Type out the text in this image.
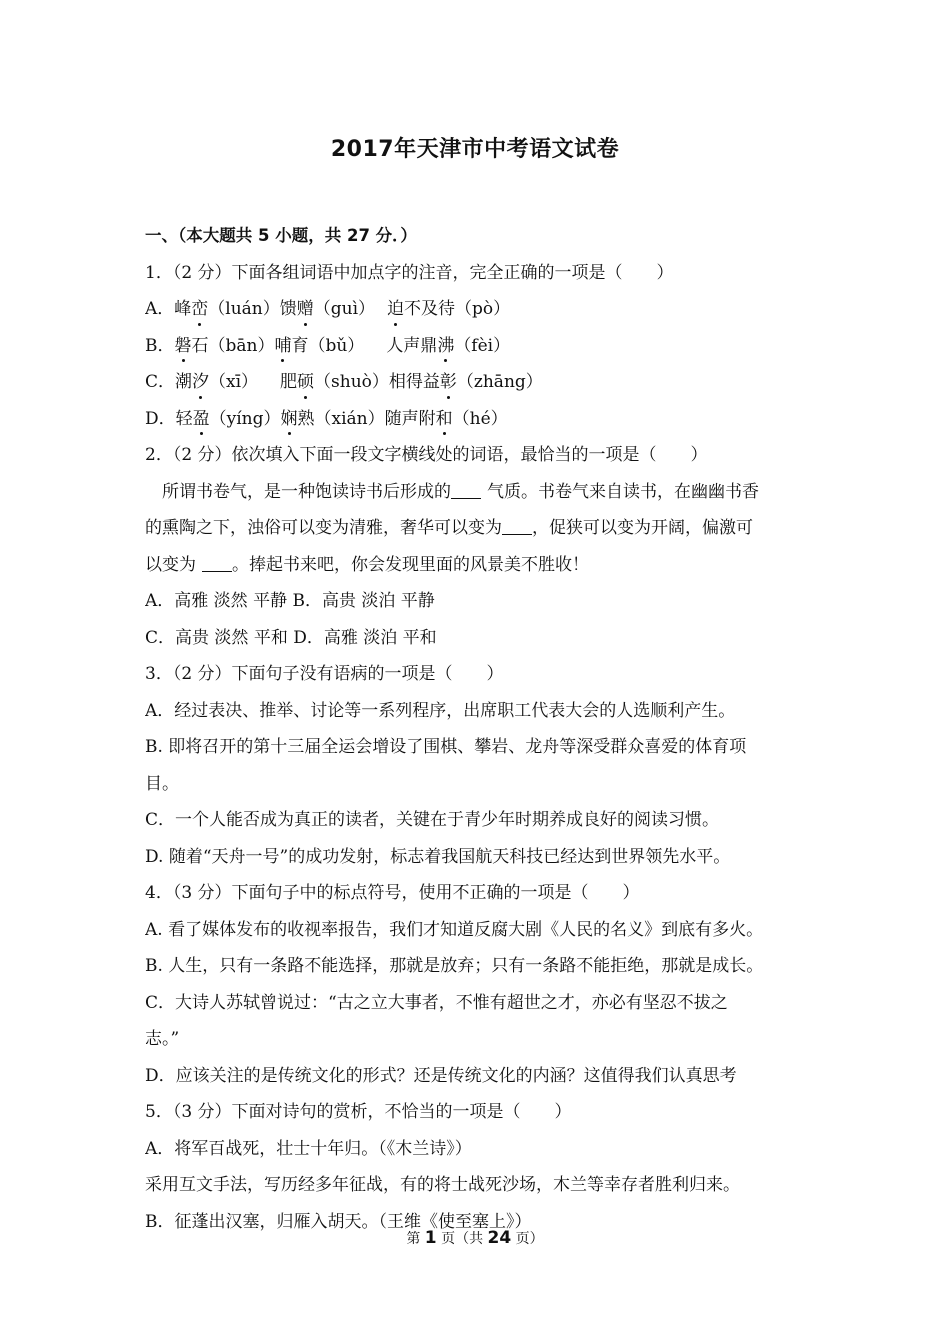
2017年天津市中考语文试卷
一、（本大题共 5 小题，共 27 分．）
1．（2 分）下面各组词语中加点字的注音，完全正确的一项是（　　）
A．峰峦（luán）馈赠（guì） 迫不及待（pò）
B．磐石（bān）哺育（bǔ） 人声鼎沸（fèi）
C．潮汐（xī） 肥硕（shuò）相得益彰（zhāng）
D．轻盈（yíng）娴熟（xián）随声附和（hé）
2．（2 分）依次填入下面一段文字横线处的词语，最恰当的一项是（　　）
所谓书卷气，是一种饱读诗书后形成的 气质。书卷气来自读书，在幽幽书香
的熏陶之下，浊俗可以变为清雅，奢华可以变为 ，促狭可以变为开阔，偏激可
以变为 。捧起书来吧，你会发现里面的风景美不胜收！
A．高雅 淡然 平静 B．高贵 淡泊 平静
C．高贵 淡然 平和 D．高雅 淡泊 平和
3．（2 分）下面句子没有语病的一项是（　　）
A．经过表决、推举、讨论等一系列程序，出席职工代表大会的人选顺利产生。
B. 即将召开的第十三届全运会增设了围棋、攀岩、龙舟等深受群众喜爱的体育项
目。
C．一个人能否成为真正的读者，关键在于青少年时期养成良好的阅读习惯。
D. 随着“天舟一号”的成功发射，标志着我国航天科技已经达到世界领先水平。
4．（3 分）下面句子中的标点符号，使用不正确的一项是（　　）
A. 看了媒体发布的收视率报告，我们才知道反腐大剧《人民的名义》到底有多火。
B. 人生，只有一条路不能选择，那就是放弃；只有一条路不能拒绝，那就是成长。
C．大诗人苏轼曾说过：“古之立大事者，不惟有超世之才，亦必有坚忍不拔之
志。”
D．应该关注的是传统文化的形式？还是传统文化的内涵？这值得我们认真思考
5．（3 分）下面对诗句的赏析，不恰当的一项是（　　）
A．将军百战死，壮士十年归。（《木兰诗》）
采用互文手法，写历经多年征战，有的将士战死沙场，木兰等幸存者胜利归来。
B．征蓬出汉塞，归雁入胡天。（王维《使至塞上》）
第 1 页（共 24 页）
